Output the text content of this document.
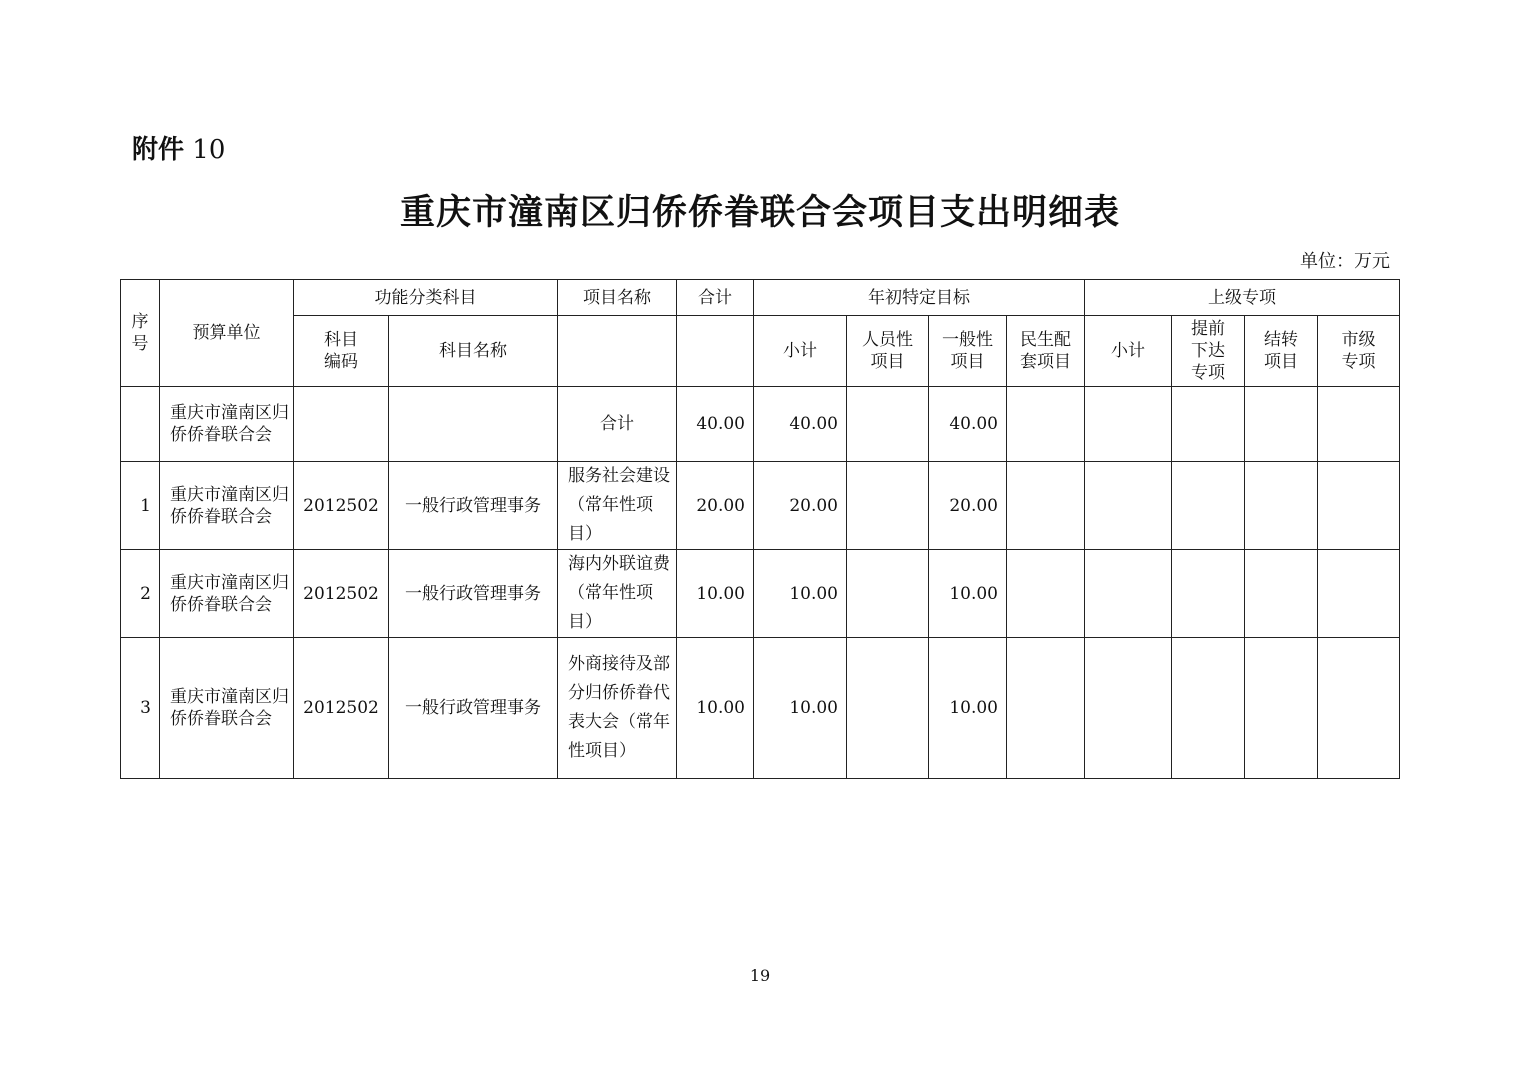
附件 10
重庆市潼南区归侨侨眷联合会项目支出明细表
单位：万元
序号	预算单位	功能分类科目		项目名称	合计	年初特定目标				上级专项			
		科目编码	科目名称			小计	人员性项目	一般性项目	民生配套项目	小计	提前下达专项	结转项目	市级专项
	重庆市潼南区归侨侨眷联合会			合计	40.00	40.00		40.00					
1	重庆市潼南区归侨侨眷联合会	2012502	一般行政管理事务	服务社会建设（常年性项目）	20.00	20.00		20.00					
2	重庆市潼南区归侨侨眷联合会	2012502	一般行政管理事务	海内外联谊费（常年性项目）	10.00	10.00		10.00					
3	重庆市潼南区归侨侨眷联合会	2012502	一般行政管理事务	外商接待及部分归侨侨眷代表大会（常年性项目）	10.00	10.00		10.00					
19
